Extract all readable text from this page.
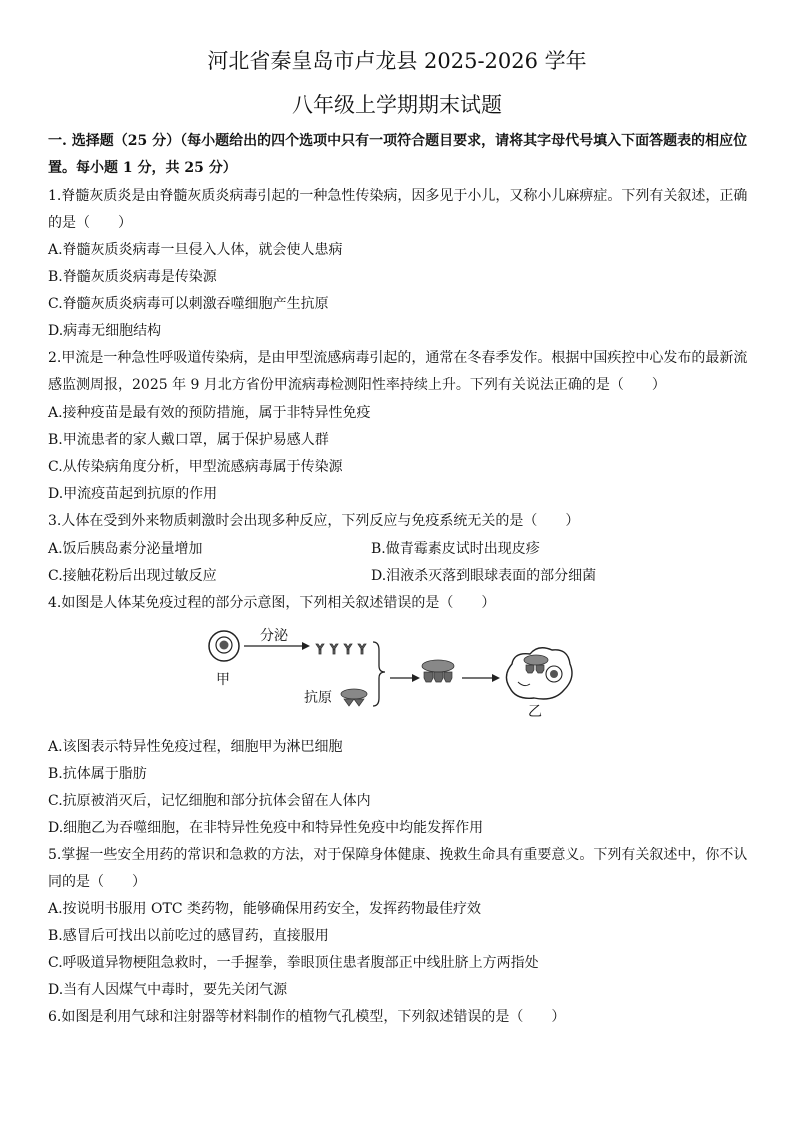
河北省秦皇岛市卢龙县 2025-2026 学年
八年级上学期期末试题
一. 选择题（25 分）（每小题给出的四个选项中只有一项符合题目要求，请将其字母代号填入下面答题表的相应位置。每小题 1 分，共 25 分）
1.脊髓灰质炎是由脊髓灰质炎病毒引起的一种急性传染病，因多见于小儿，又称小儿麻痹症。下列有关叙述，正确
的是（　　）
A.脊髓灰质炎病毒一旦侵入人体，就会使人患病
B.脊髓灰质炎病毒是传染源
C.脊髓灰质炎病毒可以刺激吞噬细胞产生抗原
D.病毒无细胞结构
2.甲流是一种急性呼吸道传染病，是由甲型流感病毒引起的，通常在冬春季发作。根据中国疾控中心发布的最新流
感监测周报，2025 年 9 月北方省份甲流病毒检测阳性率持续上升。下列有关说法正确的是（　　）
A.接种疫苗是最有效的预防措施，属于非特异性免疫
B.甲流患者的家人戴口罩，属于保护易感人群
C.从传染病角度分析，甲型流感病毒属于传染源
D.甲流疫苗起到抗原的作用
3.人体在受到外来物质刺激时会出现多种反应，下列反应与免疫系统无关的是（　　）
A.饭后胰岛素分泌量增加	B.做青霉素皮试时出现皮疹
C.接触花粉后出现过敏反应	D.泪液杀灭落到眼球表面的部分细菌
4.如图是人体某免疫过程的部分示意图，下列相关叙述错误的是（　　）
甲
分泌
抗原
乙
A.该图表示特异性免疫过程，细胞甲为淋巴细胞
B.抗体属于脂肪
C.抗原被消灭后，记忆细胞和部分抗体会留在人体内
D.细胞乙为吞噬细胞，在非特异性免疫中和特异性免疫中均能发挥作用
5.掌握一些安全用药的常识和急救的方法，对于保障身体健康、挽救生命具有重要意义。下列有关叙述中，你不认
同的是（　　）
A.按说明书服用 OTC 类药物，能够确保用药安全，发挥药物最佳疗效
B.感冒后可找出以前吃过的感冒药，直接服用
C.呼吸道异物梗阻急救时，一手握拳，拳眼顶住患者腹部正中线肚脐上方两指处
D.当有人因煤气中毒时，要先关闭气源
6.如图是利用气球和注射器等材料制作的植物气孔模型，下列叙述错误的是（　　）
